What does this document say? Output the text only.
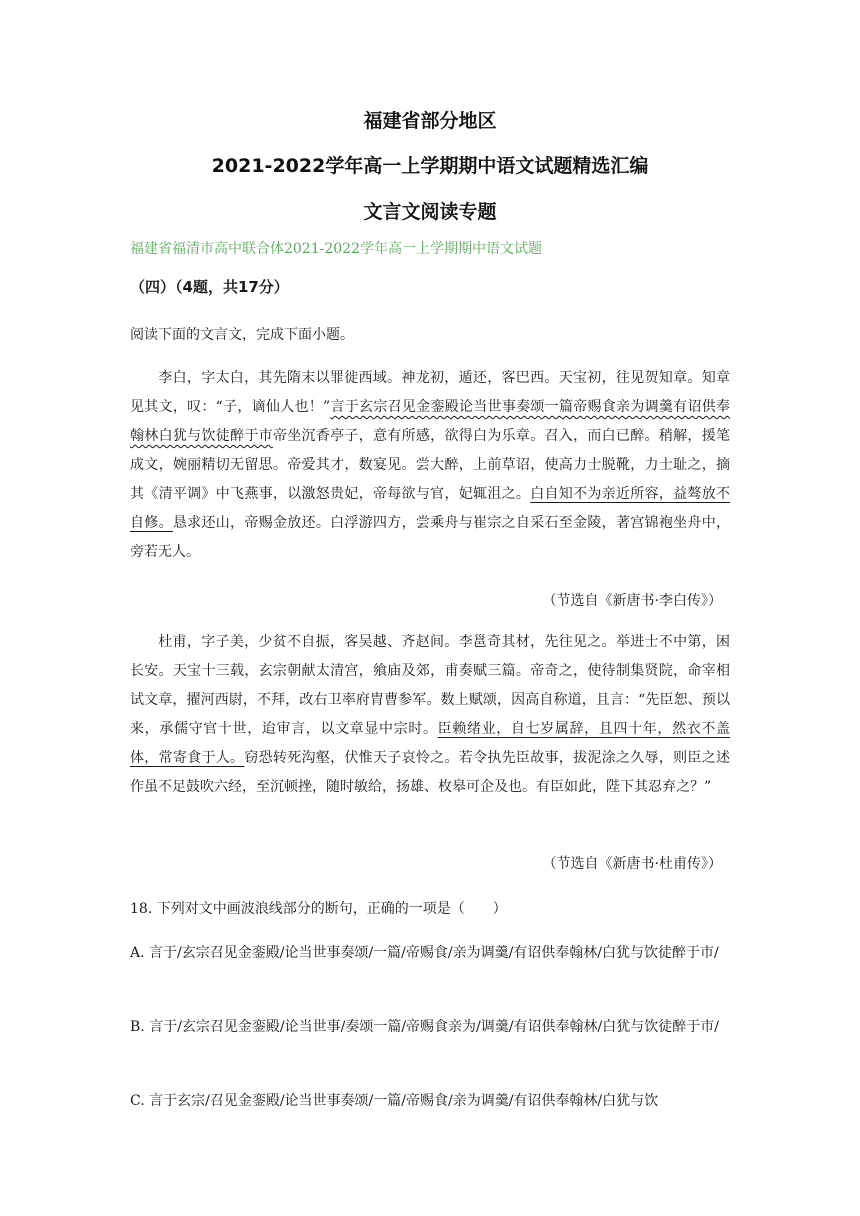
福建省部分地区
2021-2022学年高一上学期期中语文试题精选汇编
文言文阅读专题
福建省福清市高中联合体2021-2022学年高一上学期期中语文试题
（四）（4题，共17分）
阅读下面的文言文，完成下面小题。
李白，字太白，其先隋末以罪徙西域。神龙初，遁还，客巴西。天宝初，往见贺知章。知章见其文，叹：“子，谪仙人也！”言于玄宗召见金銮殿论当世事奏颂一篇帝赐食亲为调羹有诏供奉翰林白犹与饮徒醉于市帝坐沉香亭子，意有所感，欲得白为乐章。召入，而白已醉。稍解，援笔成文，婉丽精切无留思。帝爱其才，数宴见。尝大醉，上前草诏，使高力士脱靴，力士耻之，摘其《清平调》中飞燕事，以激怒贵妃，帝每欲与官，妃辄沮之。白自知不为亲近所容，益骜放不自修。恳求还山，帝赐金放还。白浮游四方，尝乘舟与崔宗之自采石至金陵，著宫锦袍坐舟中，旁若无人。
（节选自《新唐书·李白传》）
杜甫，字子美，少贫不自振，客吴越、齐赵间。李邕奇其材，先往见之。举进士不中第，困长安。天宝十三载，玄宗朝献太清宫，飨庙及郊，甫奏赋三篇。帝奇之，使待制集贤院，命宰相试文章，擢河西尉，不拜，改右卫率府胄曹参军。数上赋颂，因高自称道，且言：“先臣恕、预以来，承儒守官十世，迨审言，以文章显中宗时。臣赖绪业，自七岁属辞，且四十年，然衣不盖体，常寄食于人。窃恐转死沟壑，伏惟天子哀怜之。若令执先臣故事，拔泥涂之久辱，则臣之述作虽不足鼓吹六经，至沉顿挫，随时敏给，扬雄、枚皋可企及也。有臣如此，陛下其忍弃之？”
（节选自《新唐书·杜甫传》）
18. 下列对文中画波浪线部分的断句，正确的一项是（　　）
A. 言于/玄宗召见金銮殿/论当世事奏颂/一篇/帝赐食/亲为调羹/有诏供奉翰林/白犹与饮徒醉于市/
B. 言于/玄宗召见金銮殿/论当世事/奏颂一篇/帝赐食亲为/调羹/有诏供奉翰林/白犹与饮徒醉于市/
C. 言于玄宗/召见金銮殿/论当世事奏颂/一篇/帝赐食/亲为调羹/有诏供奉翰林/白犹与饮
